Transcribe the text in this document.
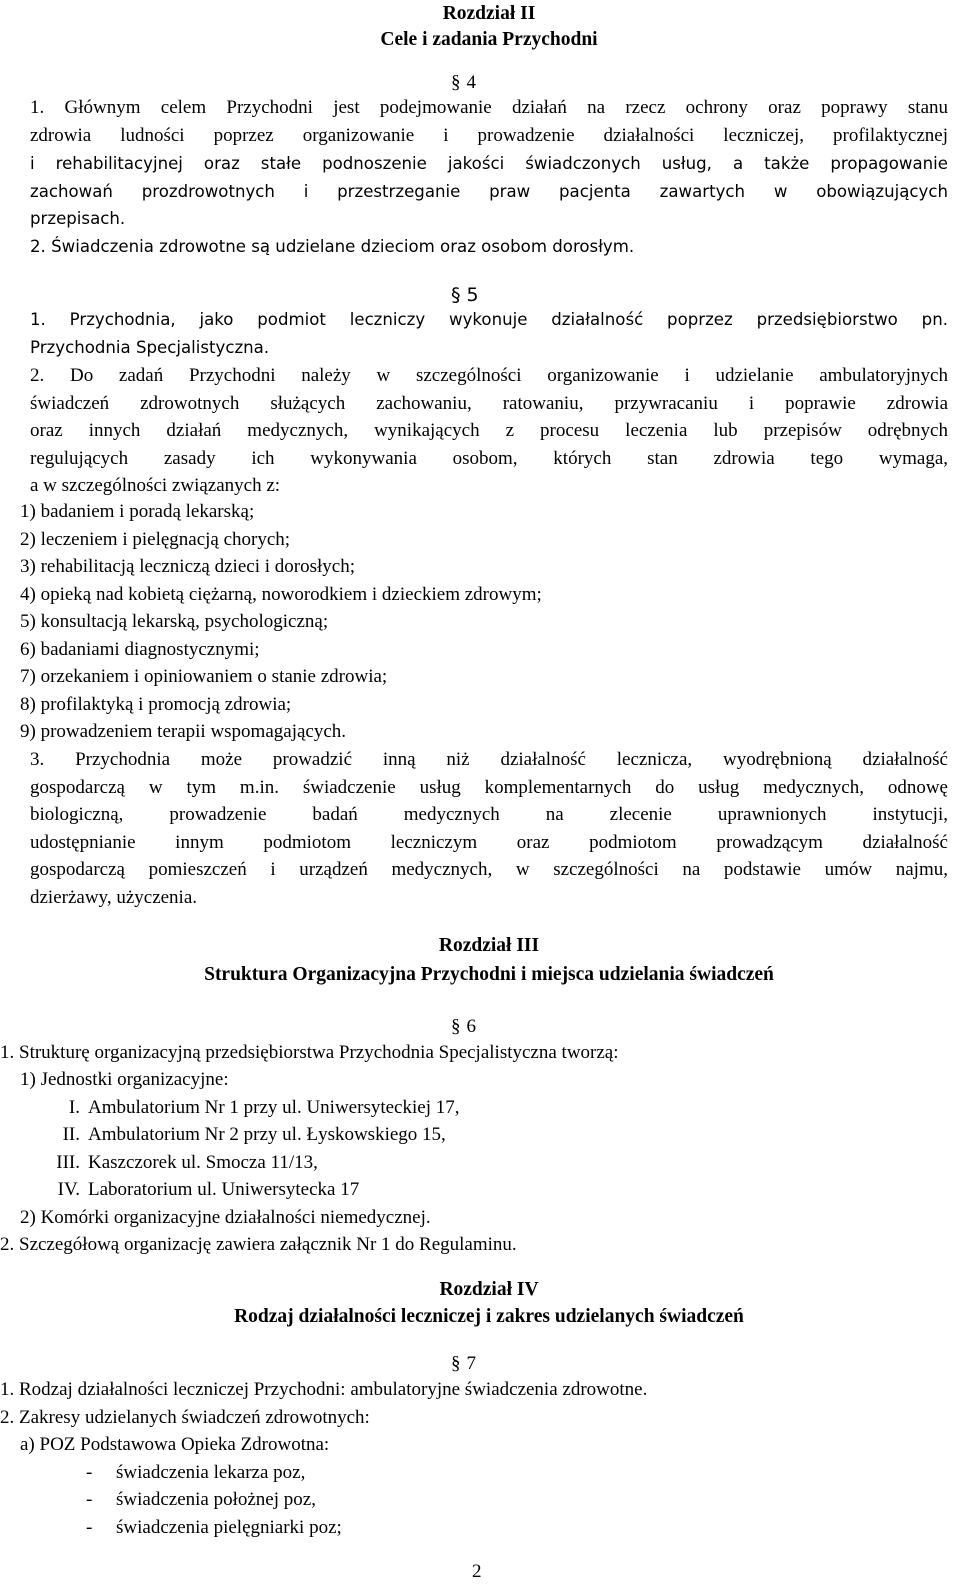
Rozdział II
Cele i zadania Przychodni
§ 4
1. Głównym celem Przychodni jest podejmowanie działań na rzecz ochrony oraz poprawy stanu
zdrowia ludności poprzez organizowanie i prowadzenie działalności leczniczej, profilaktycznej
i rehabilitacyjnej oraz stałe podnoszenie jakości świadczonych usług, a także propagowanie
zachowań prozdrowotnych i przestrzeganie praw pacjenta zawartych w obowiązujących
przepisach.
2. Świadczenia zdrowotne są udzielane dzieciom oraz osobom dorosłym.
§ 5
1. Przychodnia, jako podmiot leczniczy wykonuje działalność poprzez przedsiębiorstwo pn.
Przychodnia Specjalistyczna.
2. Do zadań Przychodni należy w szczególności organizowanie i udzielanie ambulatoryjnych
świadczeń zdrowotnych służących zachowaniu, ratowaniu, przywracaniu i poprawie zdrowia
oraz innych działań medycznych, wynikających z procesu leczenia lub przepisów odrębnych
regulujących zasady ich wykonywania osobom, których stan zdrowia tego wymaga,
a w szczególności związanych z:
1) badaniem i poradą lekarską;
2) leczeniem i pielęgnacją chorych;
3) rehabilitacją leczniczą dzieci i dorosłych;
4) opieką nad kobietą ciężarną, noworodkiem i dzieckiem zdrowym;
5) konsultacją lekarską, psychologiczną;
6) badaniami diagnostycznymi;
7) orzekaniem i opiniowaniem o stanie zdrowia;
8) profilaktyką i promocją zdrowia;
9) prowadzeniem terapii wspomagających.
3. Przychodnia może prowadzić inną niż działalność lecznicza, wyodrębnioną działalność
gospodarczą w tym m.in. świadczenie usług komplementarnych do usług medycznych, odnowę
biologiczną, prowadzenie badań medycznych na zlecenie uprawnionych instytucji,
udostępnianie innym podmiotom leczniczym oraz podmiotom prowadzącym działalność
gospodarczą pomieszczeń i urządzeń medycznych, w szczególności na podstawie umów najmu,
dzierżawy, użyczenia.
Rozdział III
Struktura Organizacyjna Przychodni i miejsca udzielania świadczeń
§ 6
1. Strukturę organizacyjną przedsiębiorstwa Przychodnia Specjalistyczna tworzą:
1) Jednostki organizacyjne:
I. Ambulatorium Nr 1 przy ul. Uniwersyteckiej 17,
II. Ambulatorium Nr 2 przy ul. Łyskowskiego 15,
III. Kaszczorek ul. Smocza 11/13,
IV. Laboratorium ul. Uniwersytecka 17
2) Komórki organizacyjne działalności niemedycznej.
2. Szczegółową organizację zawiera załącznik Nr 1 do Regulaminu.
Rozdział IV
Rodzaj działalności leczniczej i zakres udzielanych świadczeń
§ 7
1. Rodzaj działalności leczniczej Przychodni: ambulatoryjne świadczenia zdrowotne.
2. Zakresy udzielanych świadczeń zdrowotnych:
a) POZ Podstawowa Opieka Zdrowotna:
- świadczenia lekarza poz,
- świadczenia położnej poz,
- świadczenia pielęgniarki poz;
2
